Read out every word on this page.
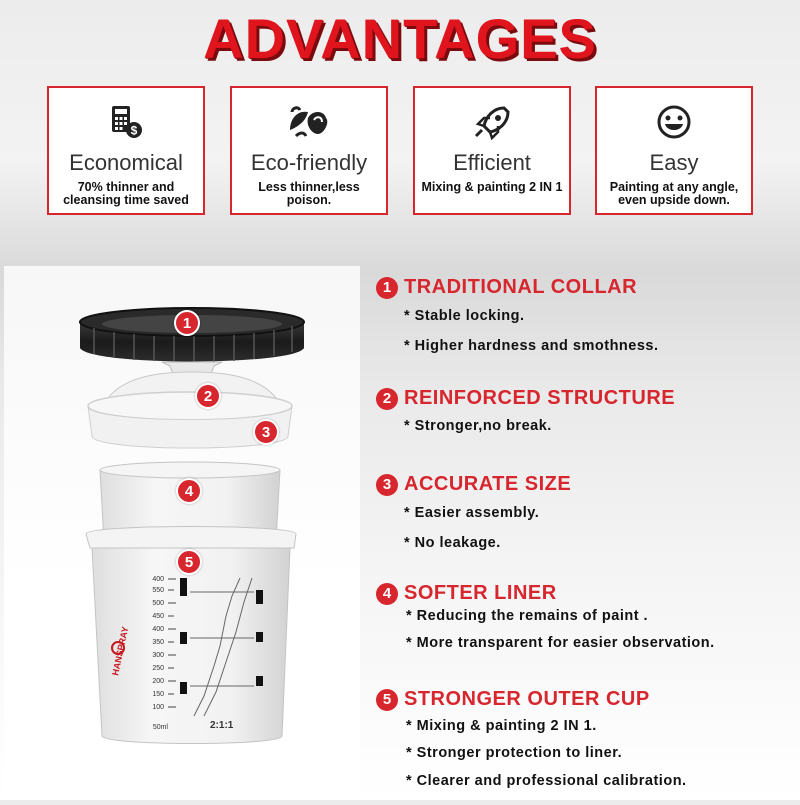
ADVANTAGES
$
Economical
70% thinner and cleansing time saved
Eco-friendly
Less thinner,less poison.
Efficient
Mixing & painting 2 IN 1
Easy
Painting at any angle, even upside down.
400
550
500
450
400
350
300
250
200
150
100
50ml	2:1:1
HANSPRAY
1
2
3
4
5
1 TRADITIONAL COLLAR
* Stable locking.
* Higher hardness and smothness.
2 REINFORCED STRUCTURE
* Stronger,no break.
3 ACCURATE SIZE
* Easier assembly.
* No leakage.
4 SOFTER LINER
* Reducing the remains of paint .
* More transparent for easier observation.
5 STRONGER OUTER CUP
* Mixing & painting 2 IN 1.
* Stronger protection to liner.
* Clearer and professional calibration.
